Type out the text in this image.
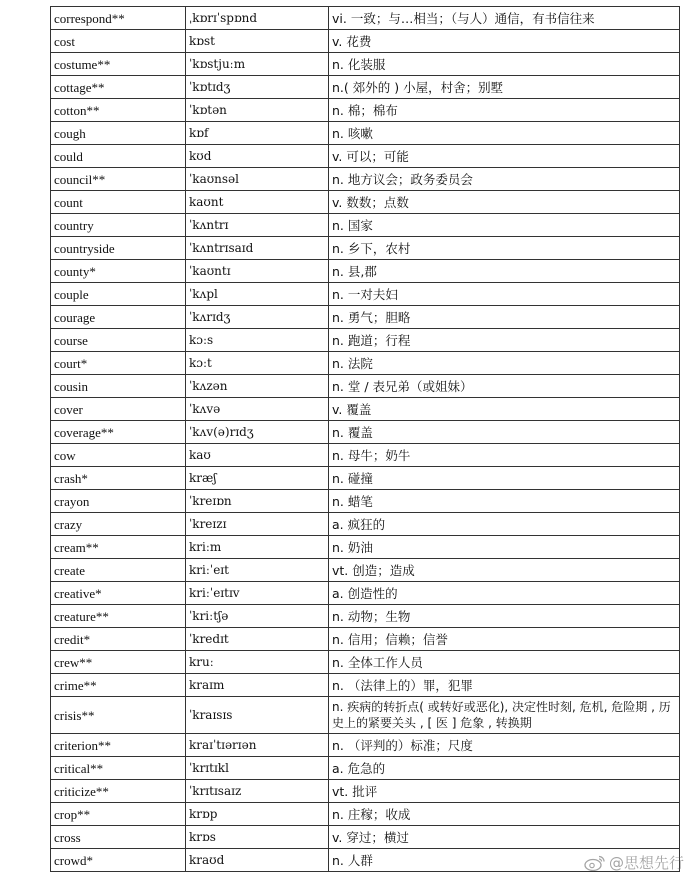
correspond**	ˌkɒrɪˈspɒnd	vi. 一致；与…相当；（与人）通信，有书信往来
cost	kɒst	v. 花费
costume**	ˈkɒstjuːm	n. 化装服
cottage**	ˈkɒtɪdʒ	n.( 郊外的 ) 小屋，村舍；别墅
cotton**	ˈkɒtən	n. 棉；棉布
cough	kɒf	n. 咳嗽
could	kʊd	v. 可以；可能
council**	ˈkaʊnsəl	n. 地方议会；政务委员会
count	kaʊnt	v. 数数；点数
country	ˈkʌntrɪ	n. 国家
countryside	ˈkʌntrɪsaɪd	n. 乡下，农村
county*	ˈkaʊntɪ	n. 县,郡
couple	ˈkʌpl	n. 一对夫妇
courage	ˈkʌrɪdʒ	n. 勇气；胆略
course	kɔːs	n. 跑道；行程
court*	kɔːt	n. 法院
cousin	ˈkʌzən	n. 堂 / 表兄弟（或姐妹）
cover	ˈkʌvə	v. 覆盖
coverage**	ˈkʌv(ə)rɪdʒ	n. 覆盖
cow	kaʊ	n. 母牛；奶牛
crash*	kræʃ	n. 碰撞
crayon	ˈkreɪɒn	n. 蜡笔
crazy	ˈkreɪzɪ	a. 疯狂的
cream**	kriːm	n. 奶油
create	kriːˈeɪt	vt. 创造；造成
creative*	kriːˈeɪtɪv	a. 创造性的
creature**	ˈkriːtʃə	n. 动物；生物
credit*	ˈkredɪt	n. 信用；信赖；信誉
crew**	kruː	n. 全体工作人员
crime**	kraɪm	n. （法律上的）罪，犯罪
crisis**	ˈkraɪsɪs	n. 疾病的转折点( 或转好或恶化), 决定性时刻, 危机, 危险期 , 历史上的紧要关头 , [ 医 ] 危象 , 转换期
criterion**	kraɪˈtɪərɪən	n. （评判的）标准；尺度
critical**	ˈkrɪtɪkl	a. 危急的
criticize**	ˈkrɪtɪsaɪz	vt. 批评
crop**	krɒp	n. 庄稼；收成
cross	krɒs	v. 穿过；横过
crowd*	kraʊd	n. 人群	@思想先行
